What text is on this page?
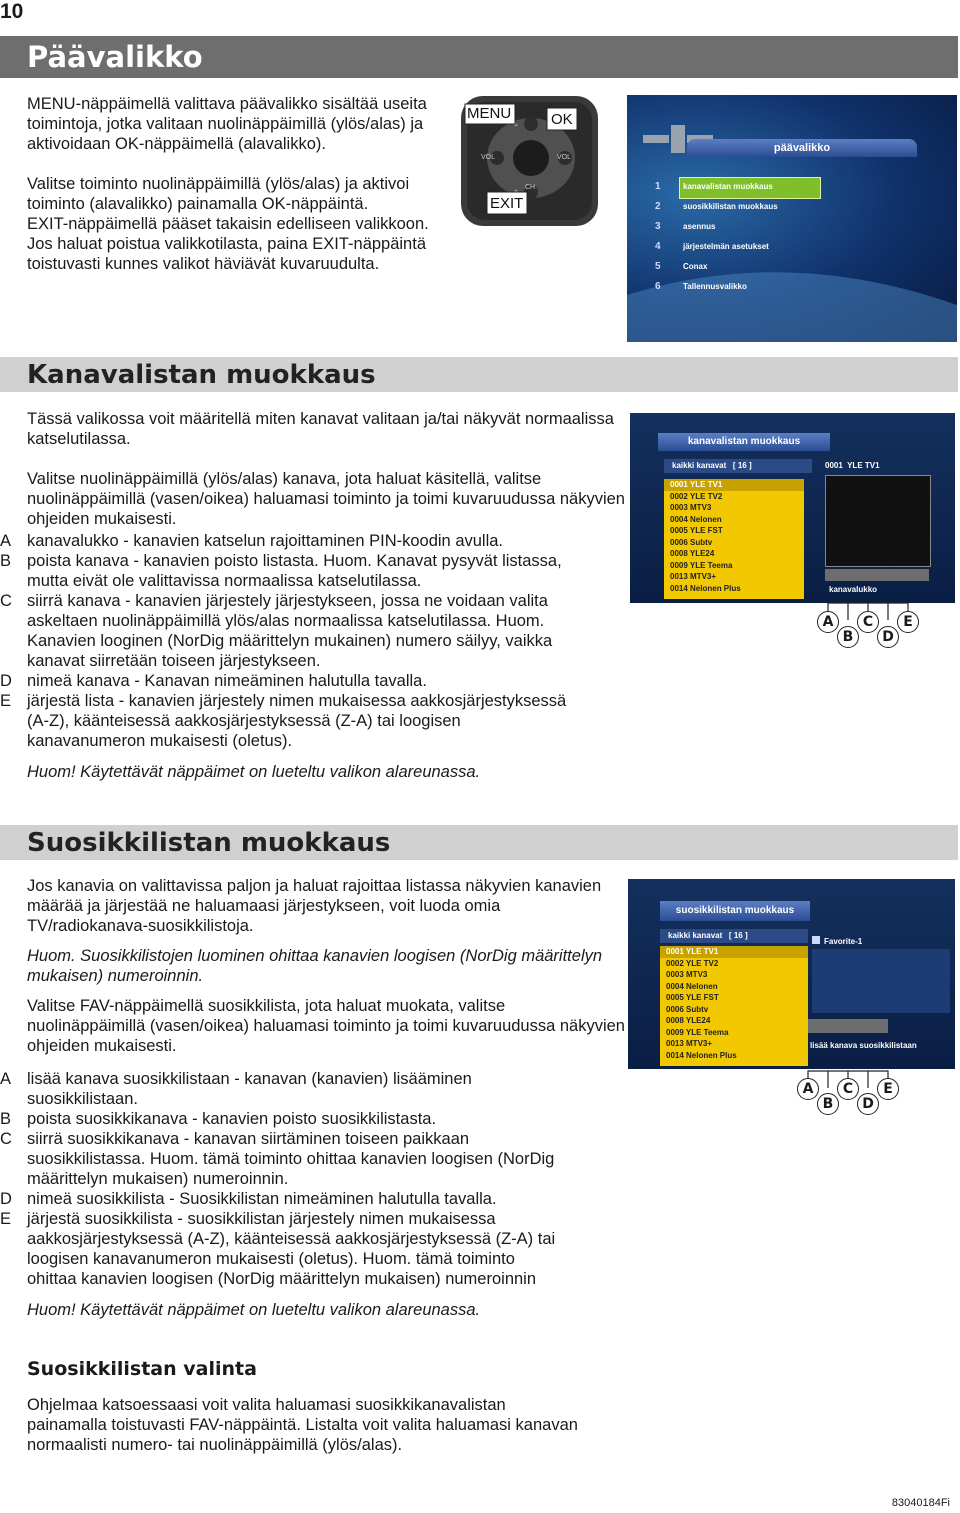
10
Päävalikko

MENU-näppäimellä valittava päävalikko sisältää useita toimintoja, jotka valitaan nuolinäppäimillä (ylös/alas) ja aktivoidaan OK-näppäimellä (alavalikko).

Valitse toiminto nuolinäppäimillä (ylös/alas) ja aktivoi toiminto (alavalikko) painamalla OK-näppäintä.

EXIT-näppäimellä pääset takaisin edelliseen valikkoon. Jos haluat poistua valikkotilasta, paina EXIT-näppäintä toistuvasti kunnes valikot häviävät kuvaruudulta.

MENU	OK
EXIT
VOL	VOL
CH
päävalikko
1	kanavalistan muokkaus
2	suosikkilistan muokkaus
3	asennus
4	järjestelmän asetukset
5	Conax
6	Tallennusvalikko
Kanavalistan muokkaus

Tässä valikossa voit määritellä miten kanavat valitaan ja/tai näkyvät normaalissa katselutilassa.

Valitse nuolinäppäimillä (ylös/alas) kanava, jota haluat käsitellä, valitse nuolinäppäimillä (vasen/oikea) haluamasi toiminto ja toimi kuvaruudussa näkyvien ohjeiden mukaisesti.

A kanavalukko - kanavien katselun rajoittaminen PIN-koodin avulla.
B poista kanava - kanavien poisto listasta. Huom. Kanavat pysyvät listassa,
mutta eivät ole valittavissa normaalissa katselutilassa.
C siirrä kanava - kanavien järjestely järjestykseen, jossa ne voidaan valita
askeltaen nuolinäppäimillä ylös/alas normaalissa katselutilassa. Huom.
Kanavien looginen (NorDig määrittelyn mukainen) numero säilyy, vaikka
kanavat siirretään toiseen järjestykseen.
D nimeä kanava - Kanavan nimeäminen halutulla tavalla.
E järjestä lista - kanavien järjestely nimen mukaisessa aakkosjärjestyksessä
(A-Z), käänteisessä aakkosjärjestyksessä (Z-A) tai loogisen
kanavanumeron mukaisesti (oletus).

Huom! Käytettävät näppäimet on lueteltu valikon alareunassa.

kanavalistan muokkaus
kaikki kanavat   [ 16 ]
0001 YLE TV1
0002 YLE TV2
0003 MTV3
0004 Nelonen
0005 YLE FST
0006 Subtv
0008 YLE24
0009 YLE Teema
0013 MTV3+
0014 Nelonen Plus
0001  YLE TV1
kanavalukko
A
B
C
D
E
Suosikkilistan muokkaus

Jos kanavia on valittavissa paljon ja haluat rajoittaa listassa näkyvien kanavien määrää ja järjestää ne haluamaasi järjestykseen, voit luoda omia TV/radiokanava-suosikkilistoja.

Huom. Suosikkilistojen luominen ohittaa kanavien loogisen (NorDig määrittelyn mukaisen) numeroinnin.

Valitse FAV-näppäimellä suosikkilista, jota haluat muokata, valitse nuolinäppäimillä (vasen/oikea) haluamasi toiminto ja toimi kuvaruudussa näkyvien ohjeiden mukaisesti.

A lisää kanava suosikkilistaan - kanavan (kanavien) lisääminen
suosikkilistaan.
B poista suosikkikanava - kanavien poisto suosikkilistasta.
C siirrä suosikkikanava - kanavan siirtäminen toiseen paikkaan
suosikkilistassa. Huom. tämä toiminto ohittaa kanavien loogisen (NorDig
määrittelyn mukaisen) numeroinnin.
D nimeä suosikkilista - Suosikkilistan nimeäminen halutulla tavalla.
E järjestä suosikkilista - suosikkilistan järjestely nimen mukaisessa
aakkosjärjestyksessä (A-Z), käänteisessä aakkosjärjestyksessä (Z-A) tai
loogisen kanavanumeron mukaisesti (oletus). Huom. tämä toiminto
ohittaa kanavien loogisen (NorDig määrittelyn mukaisen) numeroinnin

Huom! Käytettävät näppäimet on lueteltu valikon alareunassa.

suosikkilistan muokkaus
kaikki kanavat   [ 16 ]
0001 YLE TV1
0002 YLE TV2
0003 MTV3
0004 Nelonen
0005 YLE FST
0006 Subtv
0008 YLE24
0009 YLE Teema
0013 MTV3+
0014 Nelonen Plus
Favorite-1
lisää kanava suosikkilistaan
A
B
C
D
E
Suosikkilistan valinta

Ohjelmaa katsoessaasi voit valita haluamasi suosikkikanavalistan painamalla toistuvasti FAV-näppäintä. Listalta voit valita haluamasi kanavan normaalisti numero- tai nuolinäppäimillä (ylös/alas).

83040184Fi
